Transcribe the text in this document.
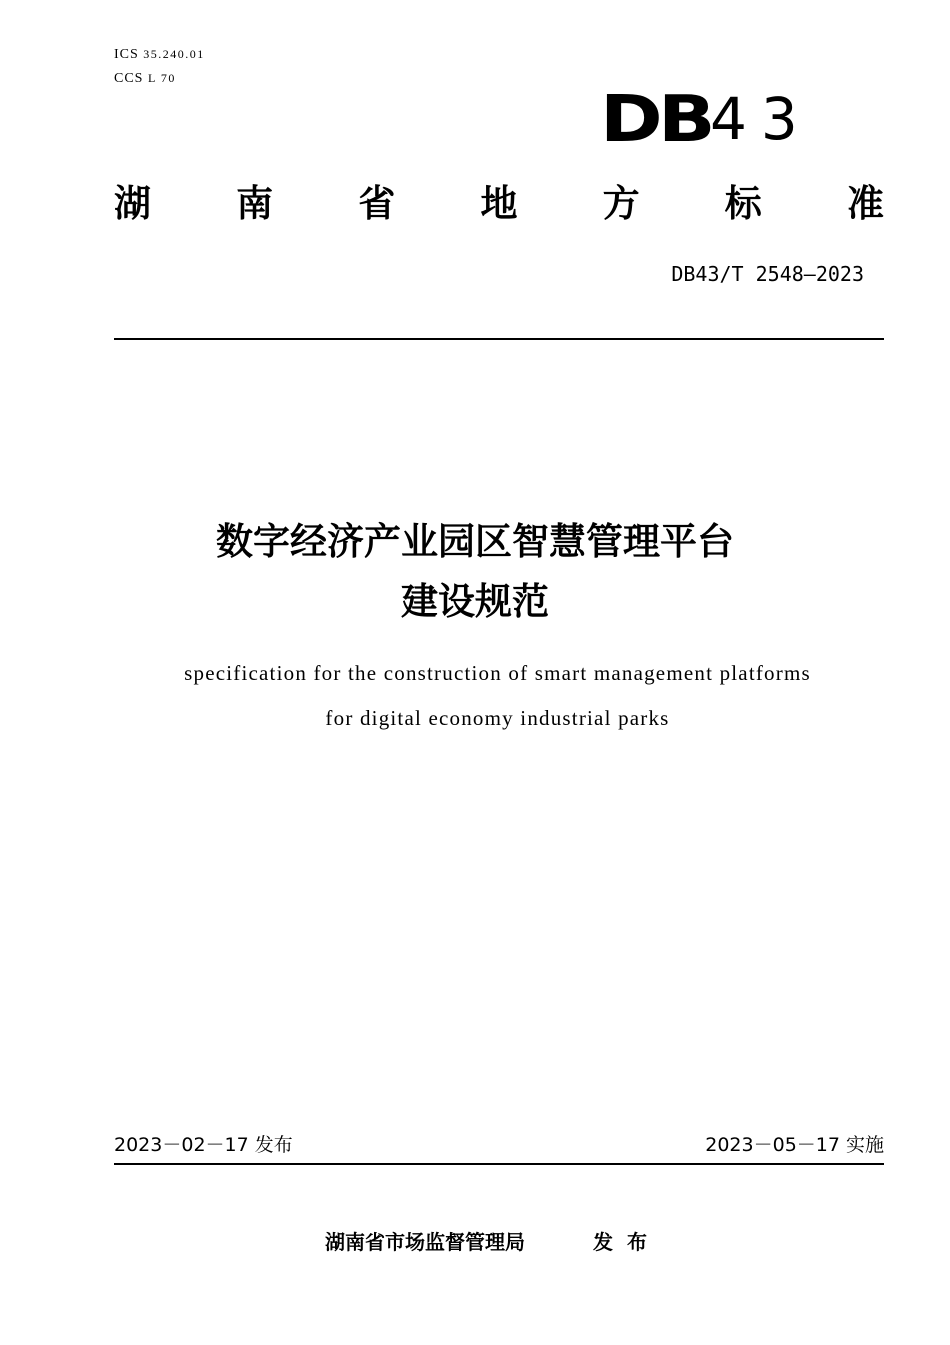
ICS 35.240.01
CCS L 70
DB 43
湖 南 省 地 方 标 准
DB43/T 2548—2023
数字经济产业园区智慧管理平台
建设规范
specification for the construction of smart management platforms
for digital economy industrial parks
2023－02－17 发布	2023－05－17 实施
湖南省市场监督管理局	发布
